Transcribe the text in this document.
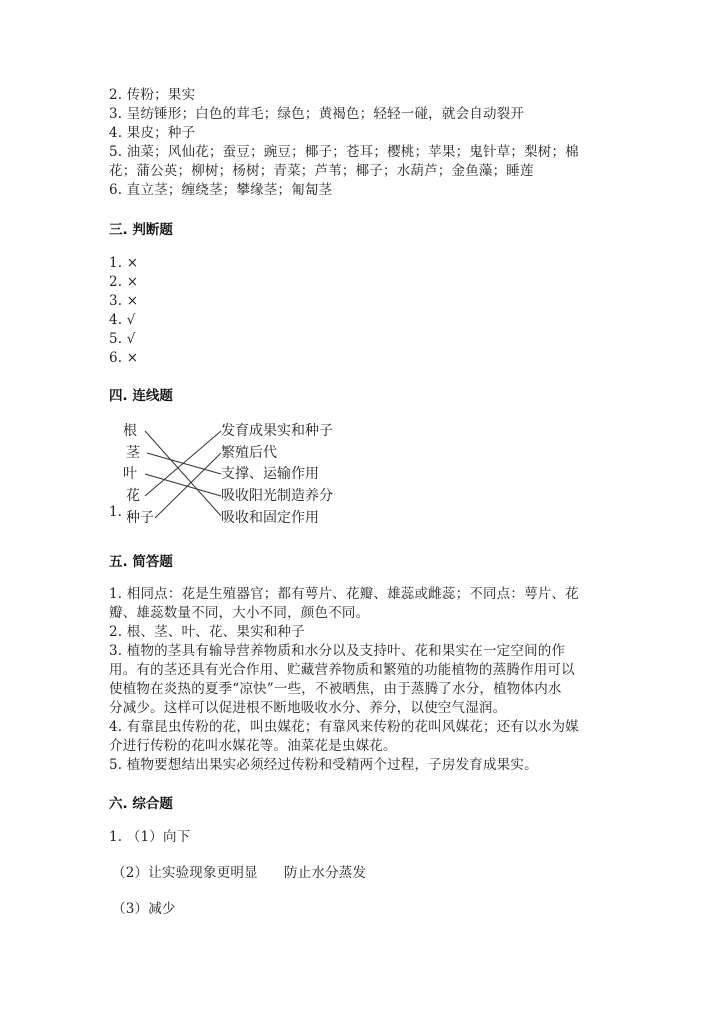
2. 传粉；果实
3. 呈纺锤形；白色的茸毛；绿色；黄褐色；轻轻一碰，就会自动裂开
4. 果皮；种子
5. 油菜；风仙花；蚕豆；豌豆；椰子；苍耳；樱桃；苹果；鬼针草；梨树；棉
花；蒲公英；柳树；杨树；青菜；芦苇；椰子；水葫芦；金鱼藻；睡莲
6. 直立茎；缠绕茎；攀缘茎；匍匐茎
三. 判断题
1. ×
2. ×
3. ×
4. √
5. √
6. ×
四. 连线题
1.
根
茎
叶
花
种子
发育成果实和种子
繁殖后代
支撑、运输作用
吸收阳光制造养分
吸收和固定作用
五. 简答题
1. 相同点：花是生殖器官；都有萼片、花瓣、雄蕊或雌蕊；不同点：萼片、花
瓣、雄蕊数量不同，大小不同，颜色不同。
2. 根、茎、叶、花、果实和种子
3. 植物的茎具有输导营养物质和水分以及支持叶、花和果实在一定空间的作
用。有的茎还具有光合作用、贮藏营养物质和繁殖的功能植物的蒸腾作用可以
使植物在炎热的夏季“凉快”一些，不被晒焦，由于蒸腾了水分，植物体内水
分减少。这样可以促进根不断地吸收水分、养分，以使空气湿润。
4. 有靠昆虫传粉的花，叫虫媒花；有靠风来传粉的花叫风媒花；还有以水为媒
介进行传粉的花叫水媒花等。油菜花是虫媒花。
5. 植物要想结出果实必须经过传粉和受精两个过程，子房发育成果实。
六. 综合题
1. （1）向下
（2）让实验现象更明显 防止水分蒸发
（3）减少
